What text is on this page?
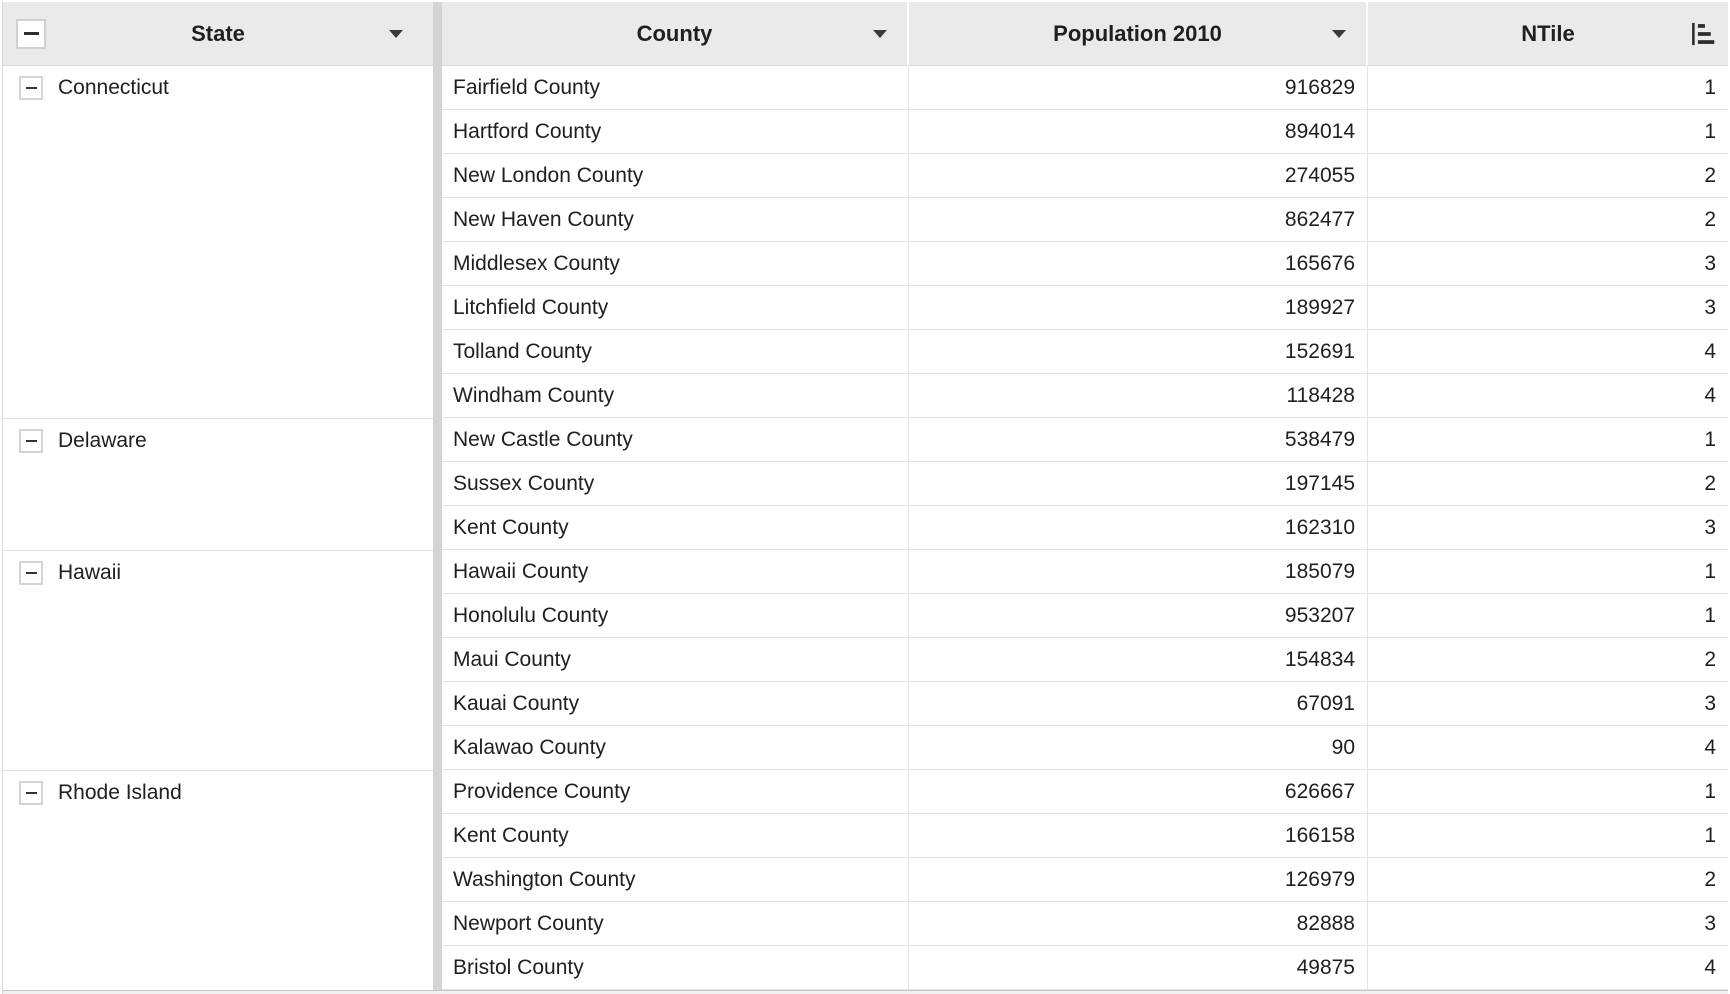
State
Connecticut
Delaware
Hawaii
Rhode Island
County
Fairfield County
Hartford County
New London County
New Haven County
Middlesex County
Litchfield County
Tolland County
Windham County
New Castle County
Sussex County
Kent County
Hawaii County
Honolulu County
Maui County
Kauai County
Kalawao County
Providence County
Kent County
Washington County
Newport County
Bristol County
Population 2010
916829
894014
274055
862477
165676
189927
152691
118428
538479
197145
162310
185079
953207
154834
67091
90
626667
166158
126979
82888
49875
NTile
1
1
2
2
3
3
4
4
1
2
3
1
1
2
3
4
1
1
2
3
4
